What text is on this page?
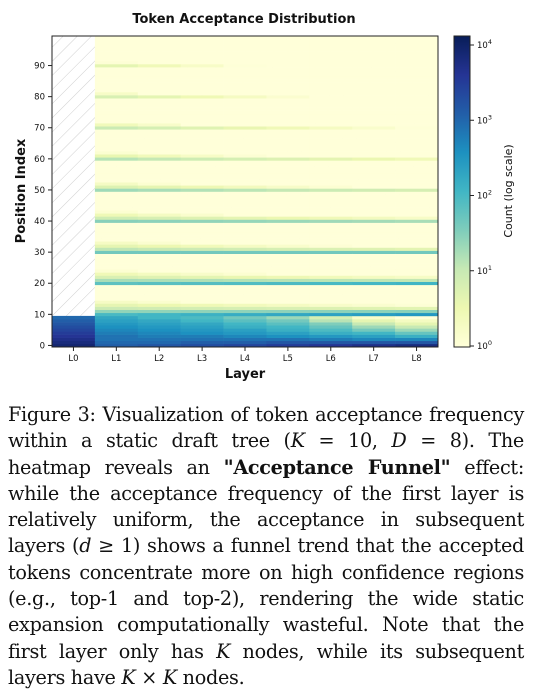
Token Acceptance Distribution
0
10
20
30
40
50
60
70
80
90
L0	L1	L2	L3	L4	L5	L6	L7	L8
Position Index
Layer
$10^0$
$10^1$
$10^2$
$10^3$
$10^4$
Count (log scale)
Figure 3: Visualization of token acceptance frequency within a static draft tree (K = 10, D = 8). The heatmap reveals an "Acceptance Funnel" effect: while the acceptance frequency of the first layer is relatively uniform, the acceptance in subsequent layers (d ≥ 1) shows a funnel trend that the accepted tokens concentrate more on high confidence regions (e.g., top-1 and top-2), rendering the wide static expansion computationally wasteful. Note that the first layer only has K nodes, while its subsequent layers have K × K nodes.
